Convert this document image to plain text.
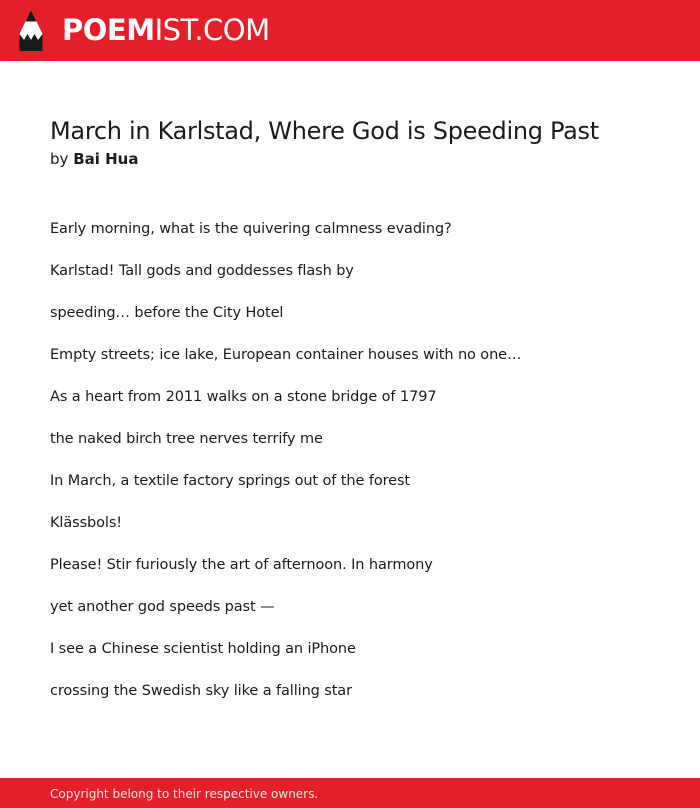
POEMIST.COM
March in Karlstad, Where God is Speeding Past
by Bai Hua
Early morning, what is the quivering calmness evading?
Karlstad! Tall gods and goddesses flash by
speeding… before the City Hotel
Empty streets; ice lake, European container houses with no one…
As a heart from 2011 walks on a stone bridge of 1797
the naked birch tree nerves terrify me
In March, a textile factory springs out of the forest
Klässbols!
Please! Stir furiously the art of afternoon. In harmony
yet another god speeds past —
I see a Chinese scientist holding an iPhone
crossing the Swedish sky like a falling star
Copyright belong to their respective owners.
